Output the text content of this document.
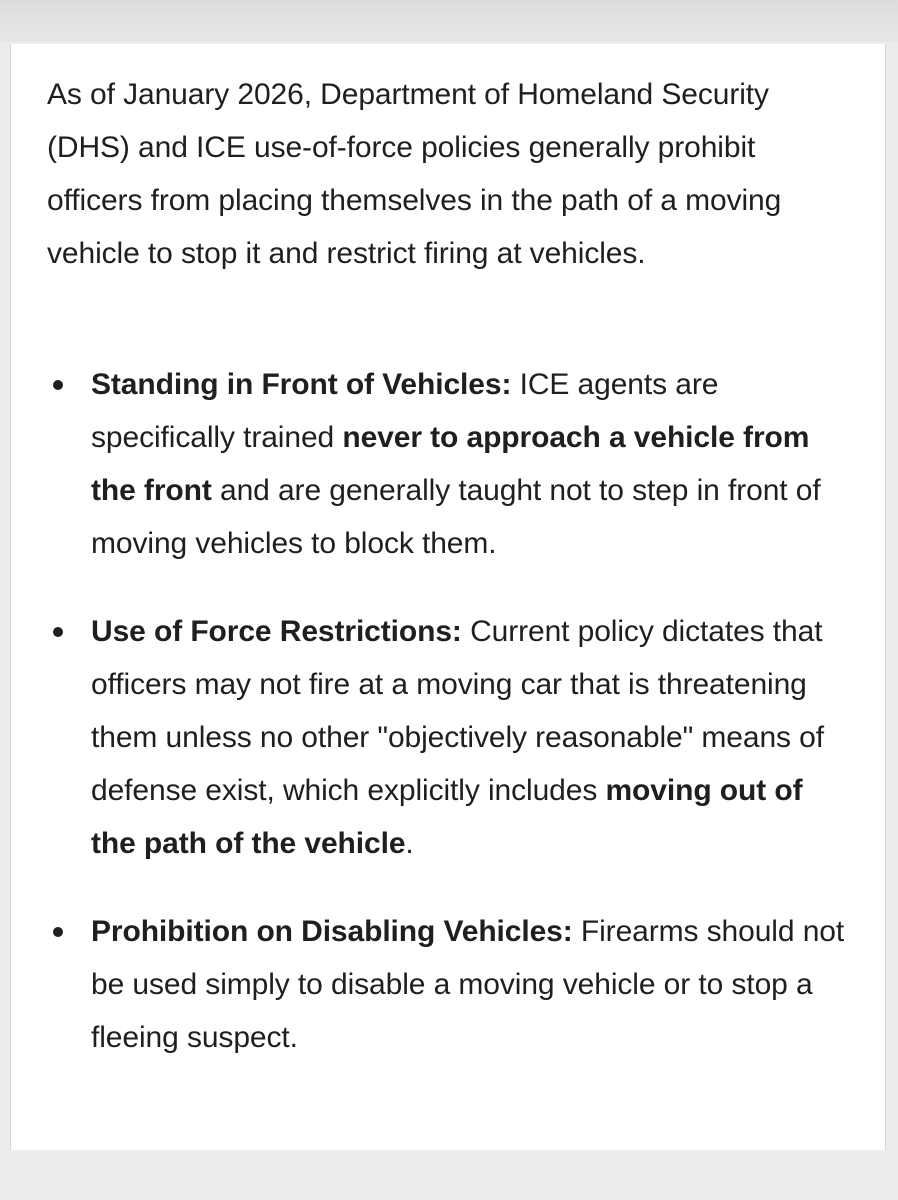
As of January 2026, Department of Homeland Security (DHS) and ICE use-of-force policies generally prohibit officers from placing themselves in the path of a moving vehicle to stop it and restrict firing at vehicles.

Standing in Front of Vehicles: ICE agents are specifically trained never to approach a vehicle from the front and are generally taught not to step in front of moving vehicles to block them.
Use of Force Restrictions: Current policy dictates that officers may not fire at a moving car that is threatening them unless no other "objectively reasonable" means of defense exist, which explicitly includes moving out of the path of the vehicle.
Prohibition on Disabling Vehicles: Firearms should not be used simply to disable a moving vehicle or to stop a fleeing suspect.
